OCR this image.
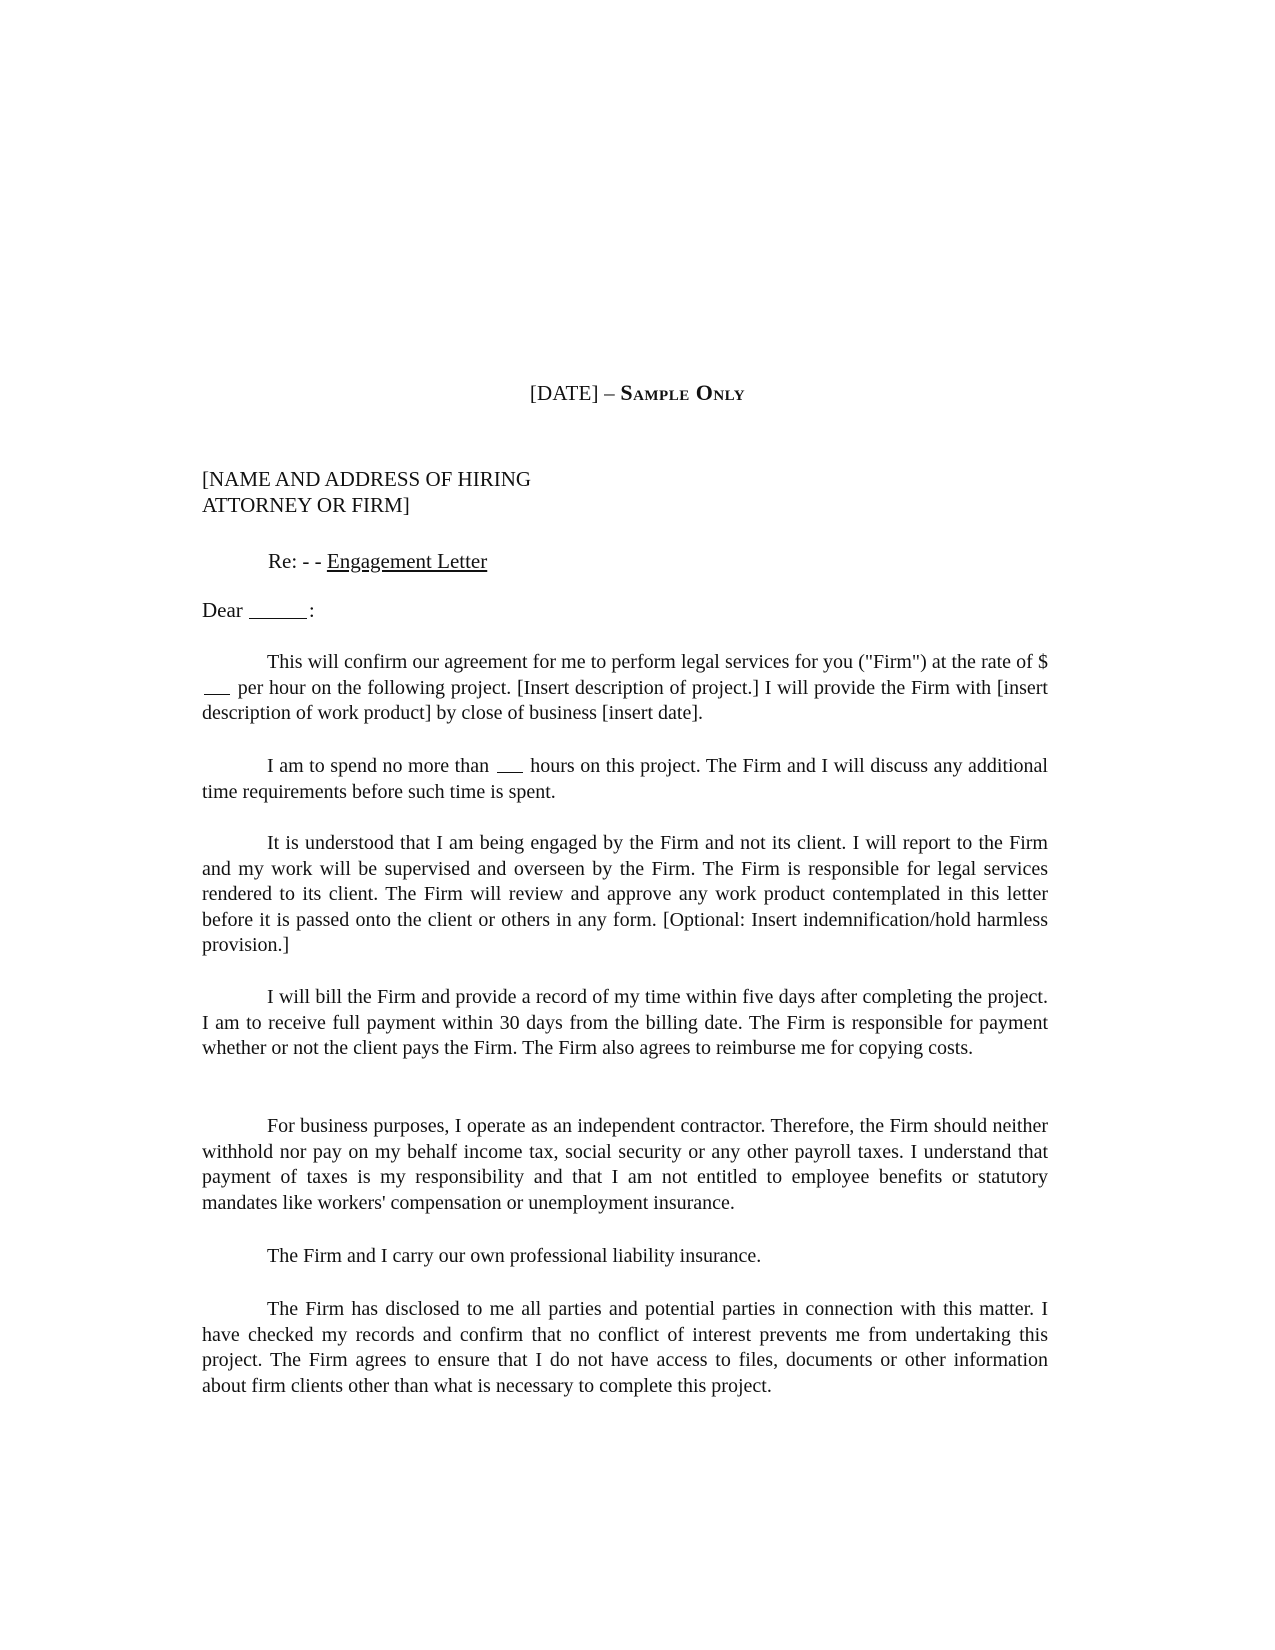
[DATE] – Sample Only
[NAME AND ADDRESS OF HIRING
ATTORNEY OR FIRM]
Re: - - Engagement Letter
Dear	:

This will confirm our agreement for me to perform legal services for you ("Firm") at the rate of $ per hour on the following project. [Insert description of project.] I will provide the Firm with [insert description of work product] by close of business [insert date].

I am to spend no more than  hours on this project. The Firm and I will discuss any additional time requirements before such time is spent.

It is understood that I am being engaged by the Firm and not its client. I will report to the Firm and my work will be supervised and overseen by the Firm. The Firm is responsible for legal services rendered to its client. The Firm will review and approve any work product contemplated in this letter before it is passed onto the client or others in any form. [Optional: Insert indemnification/hold harmless provision.]

I will bill the Firm and provide a record of my time within five days after completing the project. I am to receive full payment within 30 days from the billing date. The Firm is responsible for payment whether or not the client pays the Firm. The Firm also agrees to reimburse me for copying costs.

For business purposes, I operate as an independent contractor. Therefore, the Firm should neither withhold nor pay on my behalf income tax, social security or any other payroll taxes. I understand that payment of taxes is my responsibility and that I am not entitled to employee benefits or statutory mandates like workers' compensation or unemployment insurance.

The Firm and I carry our own professional liability insurance.

The Firm has disclosed to me all parties and potential parties in connection with this matter. I have checked my records and confirm that no conflict of interest prevents me from undertaking this project. The Firm agrees to ensure that I do not have access to files, documents or other information about firm clients other than what is necessary to complete this project.
